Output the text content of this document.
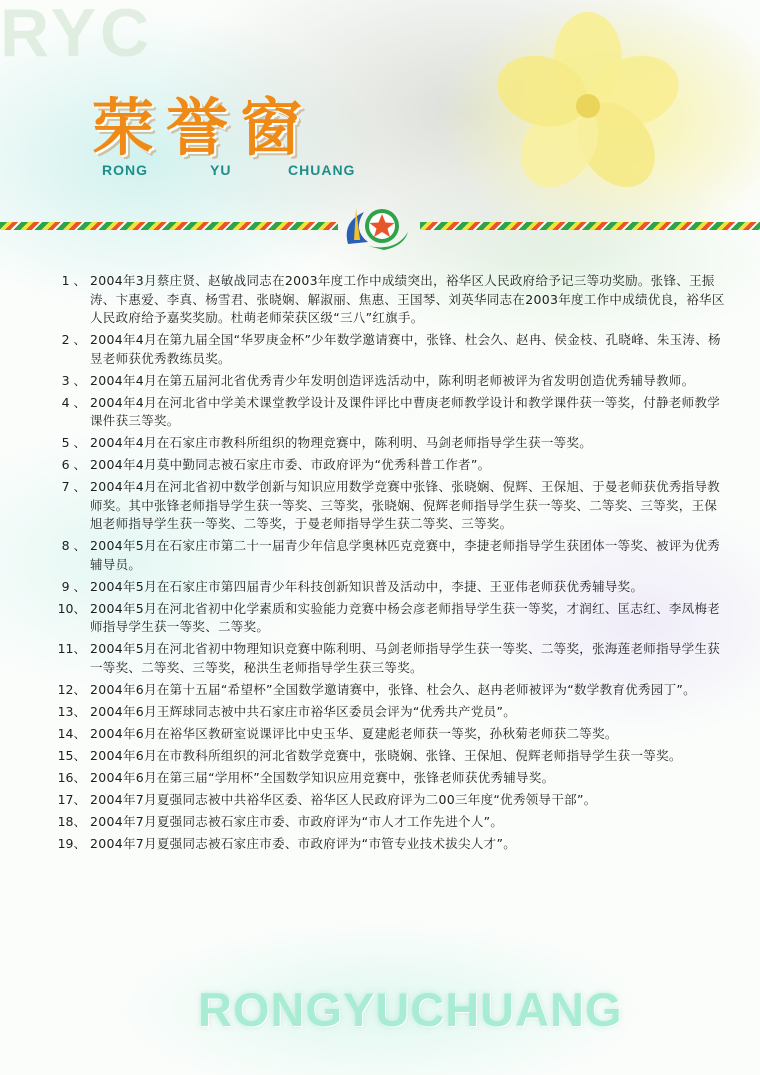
RYC
荣誉窗
RONG	YU	CHUANG
1 、 2004年3月蔡庄贤、赵敏战同志在2003年度工作中成绩突出，裕华区人民政府给予记三等功奖励。张锋、王振涛、卞惠爱、李真、杨雪君、张晓娴、解淑丽、焦惠、王国琴、刘英华同志在2003年度工作中成绩优良，裕华区人民政府给予嘉奖奖励。杜萌老师荣获区级“三八”红旗手。
2 、 2004年4月在第九届全国“华罗庚金杯”少年数学邀请赛中，张锋、杜会久、赵冉、侯金枝、孔晓峰、朱玉涛、杨昱老师获优秀教练员奖。
3 、 2004年4月在第五届河北省优秀青少年发明创造评选活动中，陈利明老师被评为省发明创造优秀辅导教师。
4 、 2004年4月在河北省中学美术课堂教学设计及课件评比中曹庚老师教学设计和教学课件获一等奖，付静老师教学课件获三等奖。
5 、 2004年4月在石家庄市教科所组织的物理竞赛中，陈利明、马剑老师指导学生获一等奖。
6 、 2004年4月莫中勤同志被石家庄市委、市政府评为“优秀科普工作者”。
7 、 2004年4月在河北省初中数学创新与知识应用数学竞赛中张锋、张晓娴、倪辉、王保旭、于曼老师获优秀指导教师奖。其中张锋老师指导学生获一等奖、三等奖，张晓娴、倪辉老师指导学生获一等奖、二等奖、三等奖，王保旭老师指导学生获一等奖、二等奖，于曼老师指导学生获二等奖、三等奖。
8 、 2004年5月在石家庄市第二十一届青少年信息学奥林匹克竞赛中，李捷老师指导学生获团体一等奖、被评为优秀辅导员。
9 、 2004年5月在石家庄市第四届青少年科技创新知识普及活动中，李捷、王亚伟老师获优秀辅导奖。
10、 2004年5月在河北省初中化学素质和实验能力竞赛中杨会彦老师指导学生获一等奖，才润红、匡志红、李凤梅老师指导学生获一等奖、二等奖。
11、 2004年5月在河北省初中物理知识竞赛中陈利明、马剑老师指导学生获一等奖、二等奖，张海莲老师指导学生获一等奖、二等奖、三等奖，秘洪生老师指导学生获三等奖。
12、 2004年6月在第十五届“希望杯”全国数学邀请赛中，张锋、杜会久、赵冉老师被评为“数学教育优秀园丁”。
13、 2004年6月王辉球同志被中共石家庄市裕华区委员会评为“优秀共产党员”。
14、 2004年6月在裕华区教研室说课评比中史玉华、夏建彪老师获一等奖，孙秋菊老师获二等奖。
15、 2004年6月在市教科所组织的河北省数学竞赛中，张晓娴、张锋、王保旭、倪辉老师指导学生获一等奖。
16、 2004年6月在第三届“学用杯”全国数学知识应用竞赛中，张锋老师获优秀辅导奖。
17、 2004年7月夏强同志被中共裕华区委、裕华区人民政府评为二00三年度“优秀领导干部”。
18、 2004年7月夏强同志被石家庄市委、市政府评为“市人才工作先进个人”。
19、 2004年7月夏强同志被石家庄市委、市政府评为“市管专业技术拔尖人才”。
RONGYUCHUANG
